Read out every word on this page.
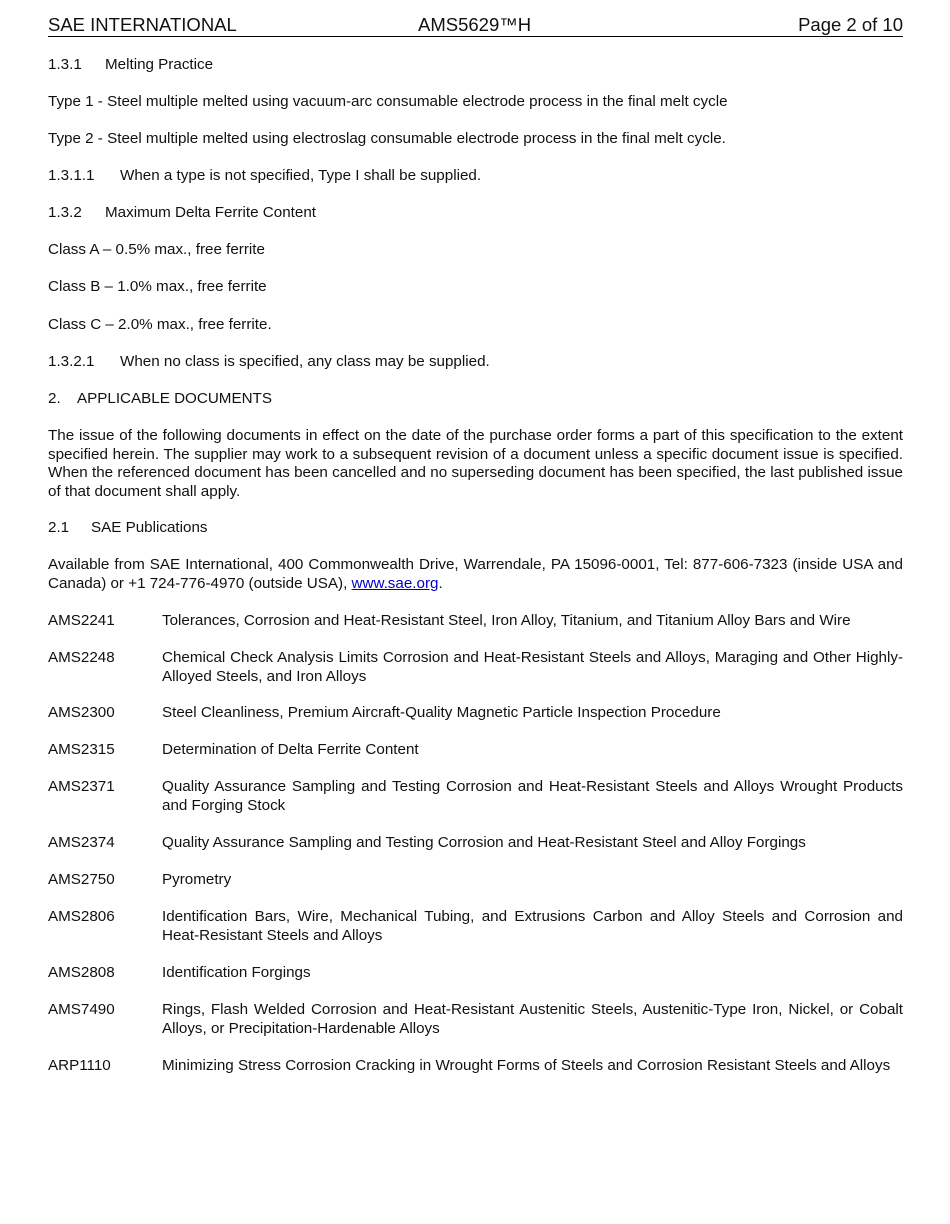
SAE INTERNATIONAL	AMS5629™H	Page 2 of 10

1.3.1 Melting Practice

Type 1 - Steel multiple melted using vacuum-arc consumable electrode process in the final melt cycle

Type 2 - Steel multiple melted using electroslag consumable electrode process in the final melt cycle.

1.3.1.1 When a type is not specified, Type I shall be supplied.

1.3.2 Maximum Delta Ferrite Content

Class A – 0.5% max., free ferrite

Class B – 1.0% max., free ferrite

Class C – 2.0% max., free ferrite.

1.3.2.1 When no class is specified, any class may be supplied.

2. APPLICABLE DOCUMENTS

The issue of the following documents in effect on the date of the purchase order forms a part of this specification to the extent specified herein. The supplier may work to a subsequent revision of a document unless a specific document issue is specified. When the referenced document has been cancelled and no superseding document has been specified, the last published issue of that document shall apply.

2.1 SAE Publications

Available from SAE International, 400 Commonwealth Drive, Warrendale, PA 15096-0001, Tel: 877-606-7323 (inside USA and Canada) or +1 724-776-4970 (outside USA), www.sae.org.

AMS2241	Tolerances, Corrosion and Heat-Resistant Steel, Iron Alloy, Titanium, and Titanium Alloy Bars and Wire
AMS2248	Chemical Check Analysis Limits Corrosion and Heat-Resistant Steels and Alloys, Maraging and Other Highly-Alloyed Steels, and Iron Alloys
AMS2300	Steel Cleanliness, Premium Aircraft-Quality Magnetic Particle Inspection Procedure
AMS2315	Determination of Delta Ferrite Content
AMS2371	Quality Assurance Sampling and Testing Corrosion and Heat-Resistant Steels and Alloys Wrought Products and Forging Stock
AMS2374	Quality Assurance Sampling and Testing Corrosion and Heat-Resistant Steel and Alloy Forgings
AMS2750	Pyrometry
AMS2806	Identification Bars, Wire, Mechanical Tubing, and Extrusions Carbon and Alloy Steels and Corrosion and Heat-Resistant Steels and Alloys
AMS2808	Identification Forgings
AMS7490	Rings, Flash Welded Corrosion and Heat-Resistant Austenitic Steels, Austenitic-Type Iron, Nickel, or Cobalt Alloys, or Precipitation-Hardenable Alloys
ARP1110	Minimizing Stress Corrosion Cracking in Wrought Forms of Steels and Corrosion Resistant Steels and Alloys
